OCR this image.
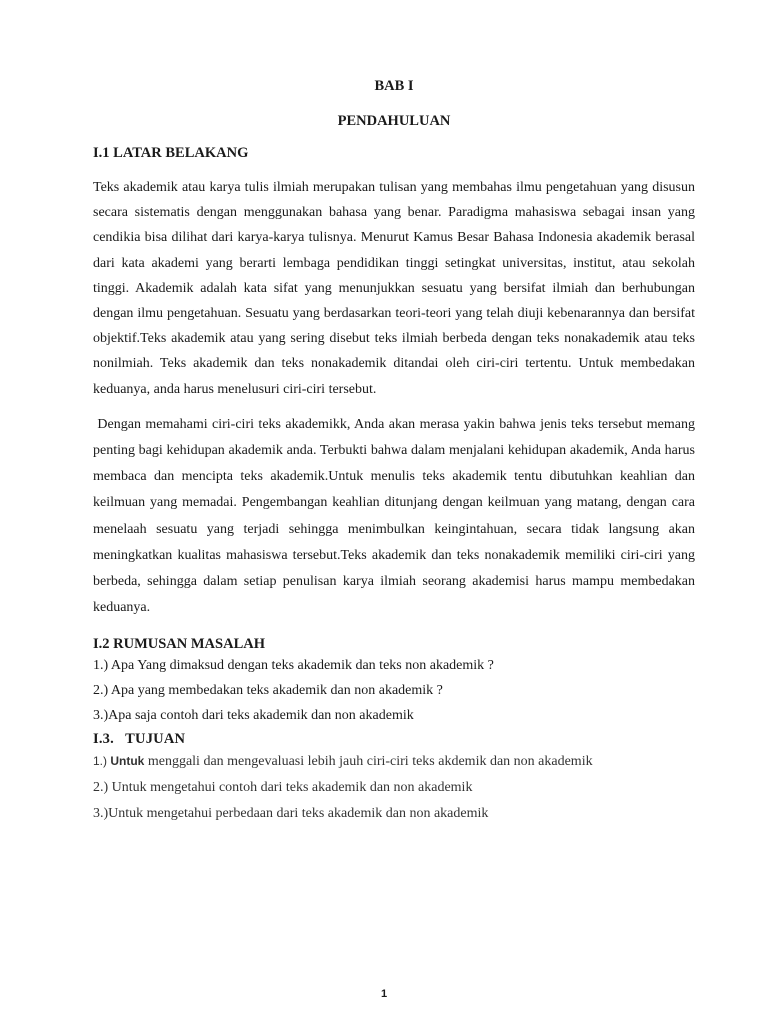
BAB I

PENDAHULUAN

I.1 LATAR BELAKANG

Teks akademik atau karya tulis ilmiah merupakan tulisan yang membahas ilmu pengetahuan yang disusun secara sistematis dengan menggunakan bahasa yang benar. Paradigma mahasiswa sebagai insan yang cendikia bisa dilihat dari karya-karya tulisnya. Menurut Kamus Besar Bahasa Indonesia akademik berasal dari kata akademi yang berarti lembaga pendidikan tinggi setingkat universitas, institut, atau sekolah tinggi. Akademik adalah kata sifat yang menunjukkan sesuatu yang bersifat ilmiah dan berhubungan dengan ilmu pengetahuan. Sesuatu yang berdasarkan teori-teori yang telah diuji kebenarannya dan bersifat objektif.Teks akademik atau yang sering disebut teks ilmiah berbeda dengan teks nonakademik atau teks nonilmiah. Teks akademik dan teks nonakademik ditandai oleh ciri-ciri tertentu. Untuk membedakan keduanya, anda harus menelusuri ciri-ciri tersebut.

Dengan memahami ciri-ciri teks akademikk, Anda akan merasa yakin bahwa jenis teks tersebut memang penting bagi kehidupan akademik anda. Terbukti bahwa dalam menjalani kehidupan akademik, Anda harus membaca dan mencipta teks akademik.Untuk menulis teks akademik tentu dibutuhkan keahlian dan keilmuan yang memadai. Pengembangan keahlian ditunjang dengan keilmuan yang matang, dengan cara menelaah sesuatu yang terjadi sehingga menimbulkan keingintahuan, secara tidak langsung akan meningkatkan kualitas mahasiswa tersebut.Teks akademik dan teks nonakademik memiliki ciri-ciri yang berbeda, sehingga dalam setiap penulisan karya ilmiah seorang akademisi harus mampu membedakan keduanya.

I.2 RUMUSAN MASALAH

1.) Apa Yang dimaksud dengan teks akademik dan teks non akademik ?

2.) Apa yang membedakan teks akademik dan non akademik ?

3.)Apa saja contoh dari teks akademik dan non akademik

I.3.   TUJUAN

1.) Untuk menggali dan mengevaluasi lebih jauh ciri-ciri teks akdemik dan non akademik

2.) Untuk mengetahui contoh dari teks akademik dan non akademik

3.)Untuk mengetahui perbedaan dari teks akademik dan non akademik

1
